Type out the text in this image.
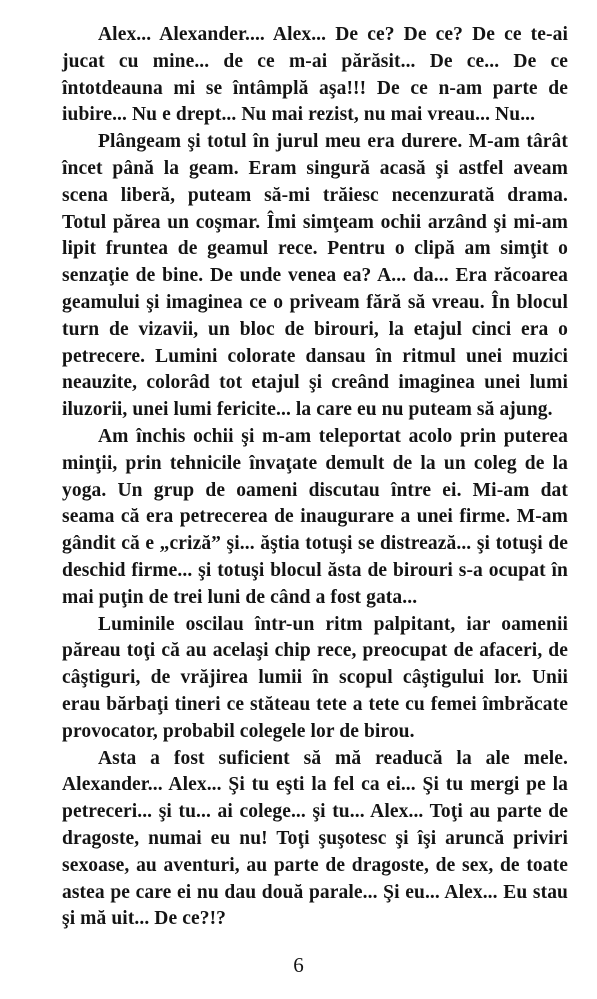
Alex... Alexander.... Alex... De ce? De ce? De ce te-ai jucat cu mine... de ce m-ai părăsit... De ce... De ce întotdeauna mi se întâmplă aşa!!! De ce n-am parte de iubire... Nu e drept... Nu mai rezist, nu mai vreau... Nu...

Plângeam şi totul în jurul meu era durere. M-am târât încet până la geam. Eram singură acasă şi astfel aveam scena liberă, puteam să-mi trăiesc necenzurată drama. Totul părea un coşmar. Îmi simţeam ochii arzând şi mi-am lipit fruntea de geamul rece. Pentru o clipă am simţit o senzaţie de bine. De unde venea ea? A... da... Era răcoarea geamului şi imaginea ce o priveam fără să vreau. În blocul turn de vizavii, un bloc de birouri, la etajul cinci era o petrecere. Lumini colorate dansau în ritmul unei muzici neauzite, colorâd tot etajul şi creând imaginea unei lumi iluzorii, unei lumi fericite... la care eu nu puteam să ajung.

Am închis ochii şi m-am teleportat acolo prin puterea minţii, prin tehnicile învaţate demult de la un coleg de la yoga. Un grup de oameni discutau între ei. Mi-am dat seama că era petrecerea de inaugurare a unei firme. M-am gândit că e „criză” şi... ăştia totuşi se distrează... şi totuşi de deschid firme... şi totuşi blocul ăsta de birouri s-a ocupat în mai puţin de trei luni de când a fost gata...

Luminile oscilau într-un ritm palpitant, iar oamenii păreau toţi că au acelaşi chip rece, preocupat de afaceri, de câştiguri, de vrăjirea lumii în scopul câştigului lor. Unii erau bărbaţi tineri ce stăteau tete a tete cu femei îmbrăcate provocator, probabil colegele lor de birou.

Asta a fost suficient să mă readucă la ale mele. Alexander... Alex... Şi tu eşti la fel ca ei... Şi tu mergi pe la petreceri... şi tu... ai colege... şi tu... Alex... Toţi au parte de dragoste, numai eu nu! Toţi şuşotesc şi îşi aruncă priviri sexoase, au aventuri, au parte de dragoste, de sex, de toate astea pe care ei nu dau două parale... Şi eu... Alex... Eu stau şi mă uit... De ce?!?

6
